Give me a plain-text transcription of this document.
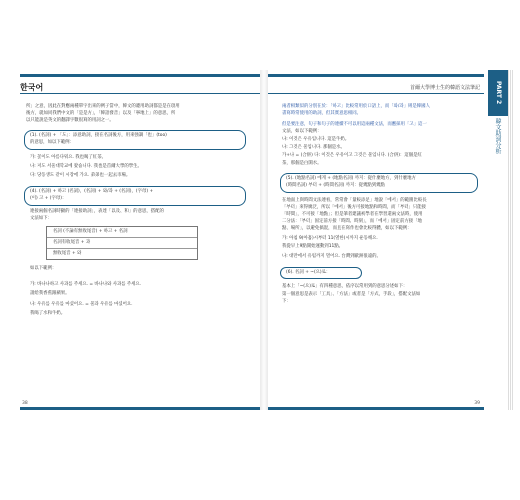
한국어
所」之意，因此在對應兩種單字出來的例子當中，韓文的遷用助詞都是是在項用
後方，就如同我們中文的「是是方」，「韓語發音」以及「寧地上」的意思，所
以只能說是英文的翻譯字數很寫的用詞之一。
(1). (名詞) + 「도」：添意助詞，接在名詞後方，用來強調「也」(too)
的意思，如以下範例：
가: 꽃이도 아름다워요. 我也喝了紅茶。
나: 저도 서울대학교에 왔습니다. 我也是首爾大學的學生。
다: 당동생도 같이 시장에 가요. 弟弟也一起去市場。
(4). (名詞) + 하고 (名詞)，(名詞) + 와/과 + (名詞)，(字母) +
(이) 고 + (字母)：
連接兩個名詞時顯的「連接助詞」，表達「以及、和」的意思，搭配的
文法如下：
名詞 (不論有無收尾音) + 하고 + 名詞
名詞有收尾音 + 과
無收尾音 + 와
如以下範例：
가: 바나나하고 사과를 주세요. = 바나나와 사과를 주세요.
請給我香蕉跟蘋果。
나: 우유를 우유를 마셨어요. = 물과 우유를 마셨어요.
我喝了水和牛奶。
38
首爾大學博士生的韓語文法筆記	PART 2
韓文助詞分析
兩者相類似的分別在於：「하고」比較常用於口語上，而「와/과」則是韓國人
書寫時常使用的助詞，但其實意思相同。
但是要注意，句子和句子的連續不可以用這兩種文法，而應採用「고」這一
文法，如以下範例：
나: 이것은 우유입니다. 這是牛奶。
나: 그것은 물입니다. 那個是水。
가+나 = (合併) 다: 이것은 우유이고 그것은 물입니다. (合併)：這個是紅
茶，那個是白開水。
(5). (地點名詞) 에게 + (地點名詞) 까지：從什麼地方，到什麼地方
(時間名詞) 부터 + (時間名詞) 까지：從幾點到幾點
在地面上與時間文法連看，常常會「量較添足」地說「에서」的範圍比較長
「부터」來得廣泛，所以「에서」後方可接地點和時間，而「부터」只能接
「時間」，不可接「地點」；但是筆者建議初學者在學習還兩文法時，使用
二分法：「부터」固定前方接「時間、時刻」，而「에서」固定前方接「地
點、場所」，以避免搞混，而且在寫作也會比較得體，如以下範例：
가: 아침 9(아홉)시부터 11(열한)시까지 운동해요.
我從早上9點開始運動到11點。
나: 대만에서 유럽까지 멀어요. 台灣到歐洲很遠的。
(6). 名詞 + ~(으)로：
基本上「~(으)로」有四種意思，依序以常用到的意思分述如下：
第一個意思是表示「工具」、「方法」或者是「方式，手段」，搭配文法如
下：
39
